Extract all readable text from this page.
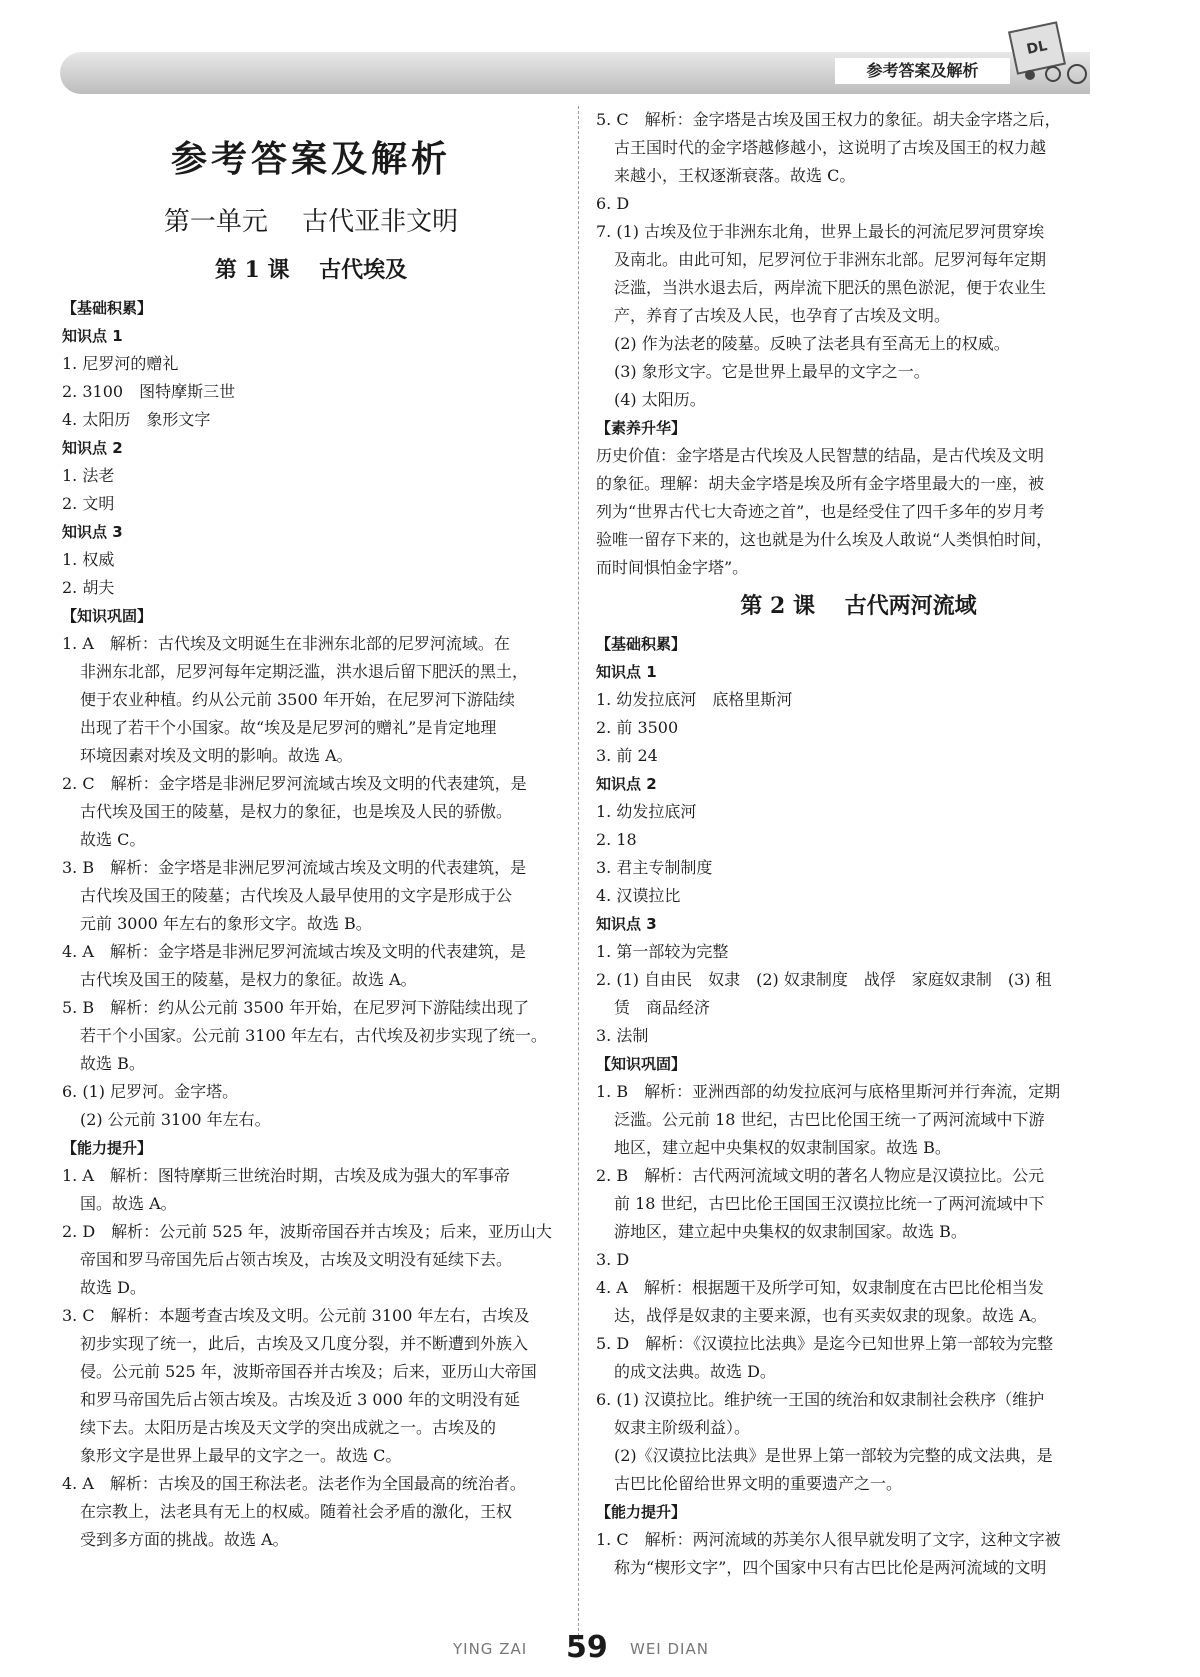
参考答案及解析
DL
参考答案及解析
第一单元　 古代亚非文明
第 1 课　 古代埃及
【基础积累】
知识点 1
1. 尼罗河的赠礼
2. 3100　图特摩斯三世
4. 太阳历　象形文字
知识点 2
1. 法老
2. 文明
知识点 3
1. 权威
2. 胡夫
【知识巩固】
1. A　解析：古代埃及文明诞生在非洲东北部的尼罗河流域。在
非洲东北部，尼罗河每年定期泛滥，洪水退后留下肥沃的黑土，
便于农业种植。约从公元前 3500 年开始，在尼罗河下游陆续
出现了若干个小国家。故“埃及是尼罗河的赠礼”是肯定地理
环境因素对埃及文明的影响。故选 A。
2. C　解析：金字塔是非洲尼罗河流域古埃及文明的代表建筑，是
古代埃及国王的陵墓，是权力的象征，也是埃及人民的骄傲。
故选 C。
3. B　解析：金字塔是非洲尼罗河流域古埃及文明的代表建筑，是
古代埃及国王的陵墓；古代埃及人最早使用的文字是形成于公
元前 3000 年左右的象形文字。故选 B。
4. A　解析：金字塔是非洲尼罗河流域古埃及文明的代表建筑，是
古代埃及国王的陵墓，是权力的象征。故选 A。
5. B　解析：约从公元前 3500 年开始，在尼罗河下游陆续出现了
若干个小国家。公元前 3100 年左右，古代埃及初步实现了统一。
故选 B。
6. (1) 尼罗河。金字塔。
(2) 公元前 3100 年左右。
【能力提升】
1. A　解析：图特摩斯三世统治时期，古埃及成为强大的军事帝
国。故选 A。
2. D　解析：公元前 525 年，波斯帝国吞并古埃及；后来，亚历山大
帝国和罗马帝国先后占领古埃及，古埃及文明没有延续下去。
故选 D。
3. C　解析：本题考查古埃及文明。公元前 3100 年左右，古埃及
初步实现了统一，此后，古埃及又几度分裂，并不断遭到外族入
侵。公元前 525 年，波斯帝国吞并古埃及；后来，亚历山大帝国
和罗马帝国先后占领古埃及。古埃及近 3 000 年的文明没有延
续下去。太阳历是古埃及天文学的突出成就之一。古埃及的
象形文字是世界上最早的文字之一。故选 C。
4. A　解析：古埃及的国王称法老。法老作为全国最高的统治者。
在宗教上，法老具有无上的权威。随着社会矛盾的激化，王权
受到多方面的挑战。故选 A。
5. C　解析：金字塔是古埃及国王权力的象征。胡夫金字塔之后，
古王国时代的金字塔越修越小，这说明了古埃及国王的权力越
来越小，王权逐渐衰落。故选 C。
6. D
7. (1) 古埃及位于非洲东北角，世界上最长的河流尼罗河贯穿埃
及南北。由此可知，尼罗河位于非洲东北部。尼罗河每年定期
泛滥，当洪水退去后，两岸流下肥沃的黑色淤泥，便于农业生
产，养育了古埃及人民，也孕育了古埃及文明。
(2) 作为法老的陵墓。反映了法老具有至高无上的权威。
(3) 象形文字。它是世界上最早的文字之一。
(4) 太阳历。
【素养升华】
历史价值：金字塔是古代埃及人民智慧的结晶，是古代埃及文明
的象征。理解：胡夫金字塔是埃及所有金字塔里最大的一座，被
列为“世界古代七大奇迹之首”，也是经受住了四千多年的岁月考
验唯一留存下来的，这也就是为什么埃及人敢说“人类惧怕时间，
而时间惧怕金字塔”。
第 2 课　 古代两河流域
【基础积累】
知识点 1
1. 幼发拉底河　底格里斯河
2. 前 3500
3. 前 24
知识点 2
1. 幼发拉底河
2. 18
3. 君主专制制度
4. 汉谟拉比
知识点 3
1. 第一部较为完整
2. (1) 自由民　奴隶　(2) 奴隶制度　战俘　家庭奴隶制　(3) 租
赁　商品经济
3. 法制
【知识巩固】
1. B　解析：亚洲西部的幼发拉底河与底格里斯河并行奔流，定期
泛滥。公元前 18 世纪，古巴比伦国王统一了两河流域中下游
地区，建立起中央集权的奴隶制国家。故选 B。
2. B　解析：古代两河流域文明的著名人物应是汉谟拉比。公元
前 18 世纪，古巴比伦王国国王汉谟拉比统一了两河流域中下
游地区，建立起中央集权的奴隶制国家。故选 B。
3. D
4. A　解析：根据题干及所学可知，奴隶制度在古巴比伦相当发
达，战俘是奴隶的主要来源，也有买卖奴隶的现象。故选 A。
5. D　解析：《汉谟拉比法典》是迄今已知世界上第一部较为完整
的成文法典。故选 D。
6. (1) 汉谟拉比。维护统一王国的统治和奴隶制社会秩序（维护
奴隶主阶级利益）。
(2)《汉谟拉比法典》是世界上第一部较为完整的成文法典，是
古巴比伦留给世界文明的重要遗产之一。
【能力提升】
1. C　解析：两河流域的苏美尔人很早就发明了文字，这种文字被
称为“楔形文字”，四个国家中只有古巴比伦是两河流域的文明
YING ZAI 59 WEI DIAN
